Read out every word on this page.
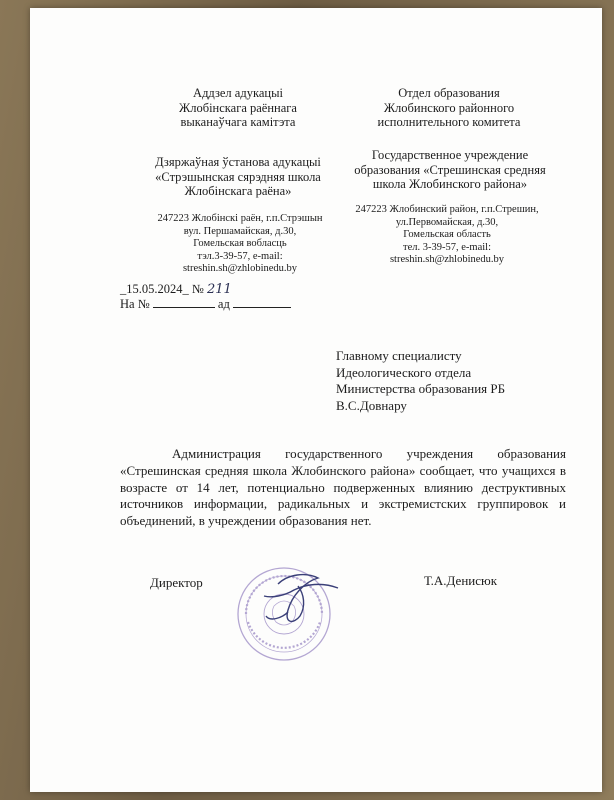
Аддзел адукацыі
Жлобінскага раённага
выканаўчага камітэта
Отдел образования
Жлобинского районного
исполнительного комитета
Дзяржаўная ўстанова адукацыі
«Стрэшынская сярэдняя школа
Жлобінскага раёна»
Государственное учреждение
образования «Стрешинская средняя
школа Жлобинского района»
247223 Жлобінскі раён, г.п.Стрэшын
вул. Першамайская, д.30,
Гомельская вобласць
тэл.3-39-57, e-mail:
streshin.sh@zhlobinedu.by
247223 Жлобинский район, г.п.Стрешин,
ул.Первомайская, д.30,
Гомельская область
тел. 3-39-57, e-mail:
streshin.sh@zhlobinedu.by
_15.05.2024_ № 211
На №	ад
Главному специалисту
Идеологического отдела
Министерства образования РБ
В.С.Довнару
Администрация государственного учреждения образования «Стрешинская средняя школа Жлобинского района» сообщает, что учащихся в возрасте от 14 лет, потенциально подверженных влиянию деструктивных источников информации, радикальных и экстремистских группировок и объединений, в учреждении образования нет.
Директор	Т.А.Денисюк
